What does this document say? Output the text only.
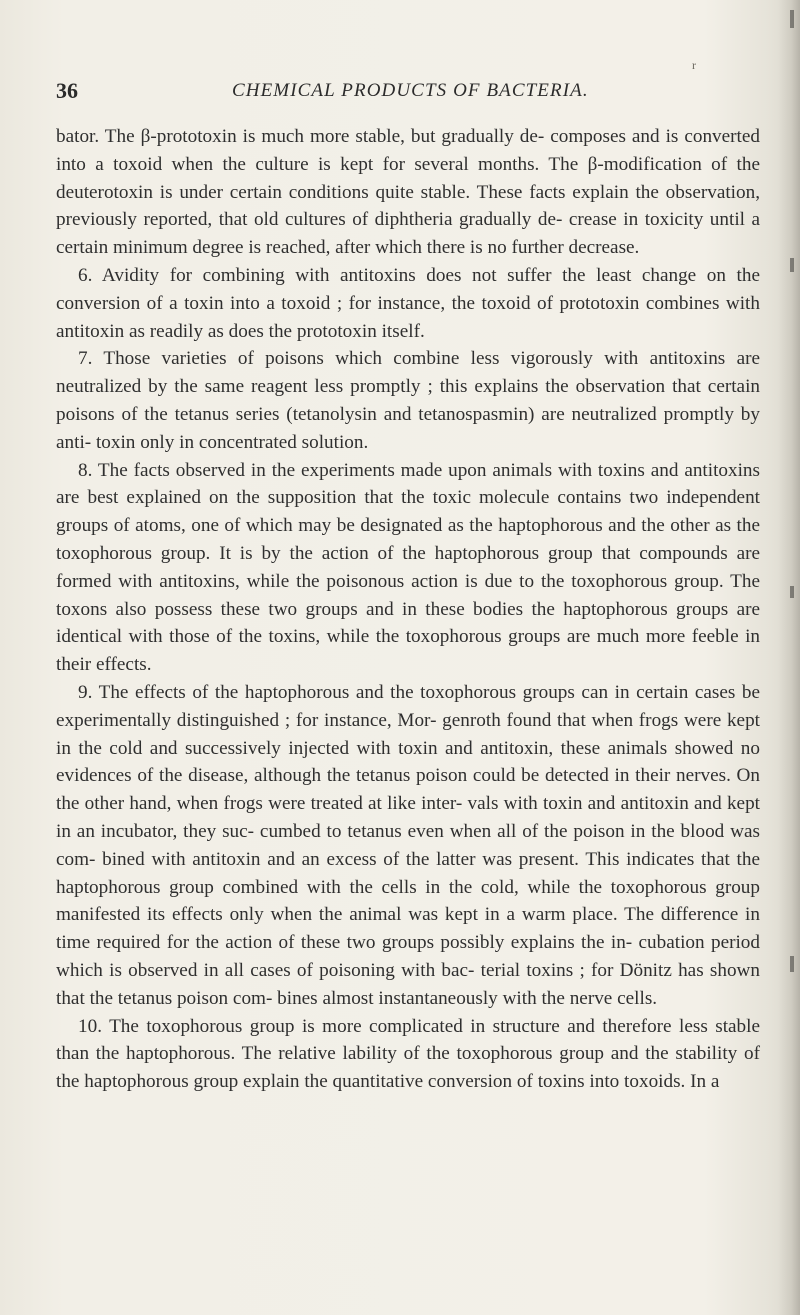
r
36	CHEMICAL PRODUCTS OF BACTERIA.

bator. The β-prototoxin is much more stable, but gradually de- composes and is converted into a toxoid when the culture is kept for several months. The β-modification of the deuterotoxin is under certain conditions quite stable. These facts explain the observation, previously reported, that old cultures of diphtheria gradually de- crease in toxicity until a certain minimum degree is reached, after which there is no further decrease.

6. Avidity for combining with antitoxins does not suffer the least change on the conversion of a toxin into a toxoid ; for instance, the toxoid of prototoxin combines with antitoxin as readily as does the prototoxin itself.

7. Those varieties of poisons which combine less vigorously with antitoxins are neutralized by the same reagent less promptly ; this explains the observation that certain poisons of the tetanus series (tetanolysin and tetanospasmin) are neutralized promptly by anti- toxin only in concentrated solution.

8. The facts observed in the experiments made upon animals with toxins and antitoxins are best explained on the supposition that the toxic molecule contains two independent groups of atoms, one of which may be designated as the haptophorous and the other as the toxophorous group. It is by the action of the haptophorous group that compounds are formed with antitoxins, while the poisonous action is due to the toxophorous group. The toxons also possess these two groups and in these bodies the haptophorous groups are identical with those of the toxins, while the toxophorous groups are much more feeble in their effects.

9. The effects of the haptophorous and the toxophorous groups can in certain cases be experimentally distinguished ; for instance, Mor- genroth found that when frogs were kept in the cold and successively injected with toxin and antitoxin, these animals showed no evidences of the disease, although the tetanus poison could be detected in their nerves. On the other hand, when frogs were treated at like inter- vals with toxin and antitoxin and kept in an incubator, they suc- cumbed to tetanus even when all of the poison in the blood was com- bined with antitoxin and an excess of the latter was present. This indicates that the haptophorous group combined with the cells in the cold, while the toxophorous group manifested its effects only when the animal was kept in a warm place. The difference in time required for the action of these two groups possibly explains the in- cubation period which is observed in all cases of poisoning with bac- terial toxins ; for Dönitz has shown that the tetanus poison com- bines almost instantaneously with the nerve cells.

10. The toxophorous group is more complicated in structure and therefore less stable than the haptophorous. The relative lability of the toxophorous group and the stability of the haptophorous group explain the quantitative conversion of toxins into toxoids. In a
